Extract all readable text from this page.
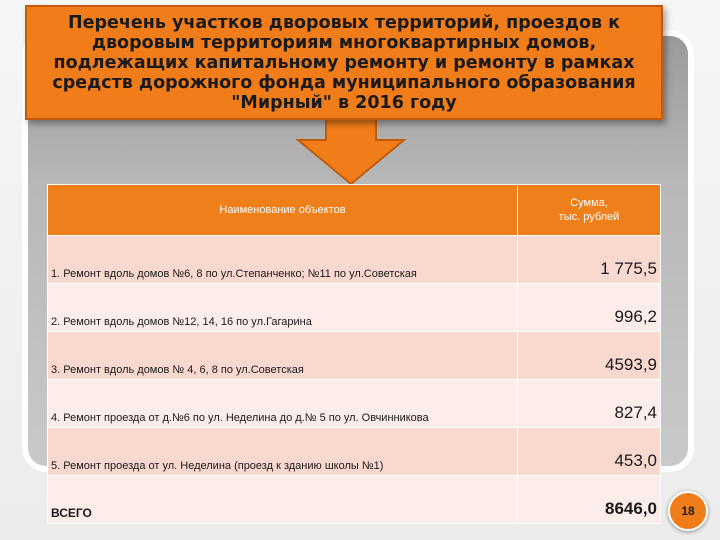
Перечень участков дворовых территорий, проездов к дворовым территориям многоквартирных домов, подлежащих капитальному ремонту и ремонту в рамках средств дорожного фонда муниципального образования "Мирный" в 2016 году
Наименование объектов	Сумма,
тыс. рублей
1. Ремонт вдоль домов №6, 8 по ул.Степанченко; №11 по ул.Советская	1 775,5
2. Ремонт вдоль домов №12, 14, 16 по ул.Гагарина	996,2
3. Ремонт вдоль домов № 4, 6, 8 по ул.Советская	4593,9
4. Ремонт проезда от д.№6 по ул. Неделина до д.№ 5 по ул. Овчинникова	827,4
5. Ремонт проезда от ул. Неделина (проезд к зданию школы №1)	453,0
ВСЕГО	8646,0 18
